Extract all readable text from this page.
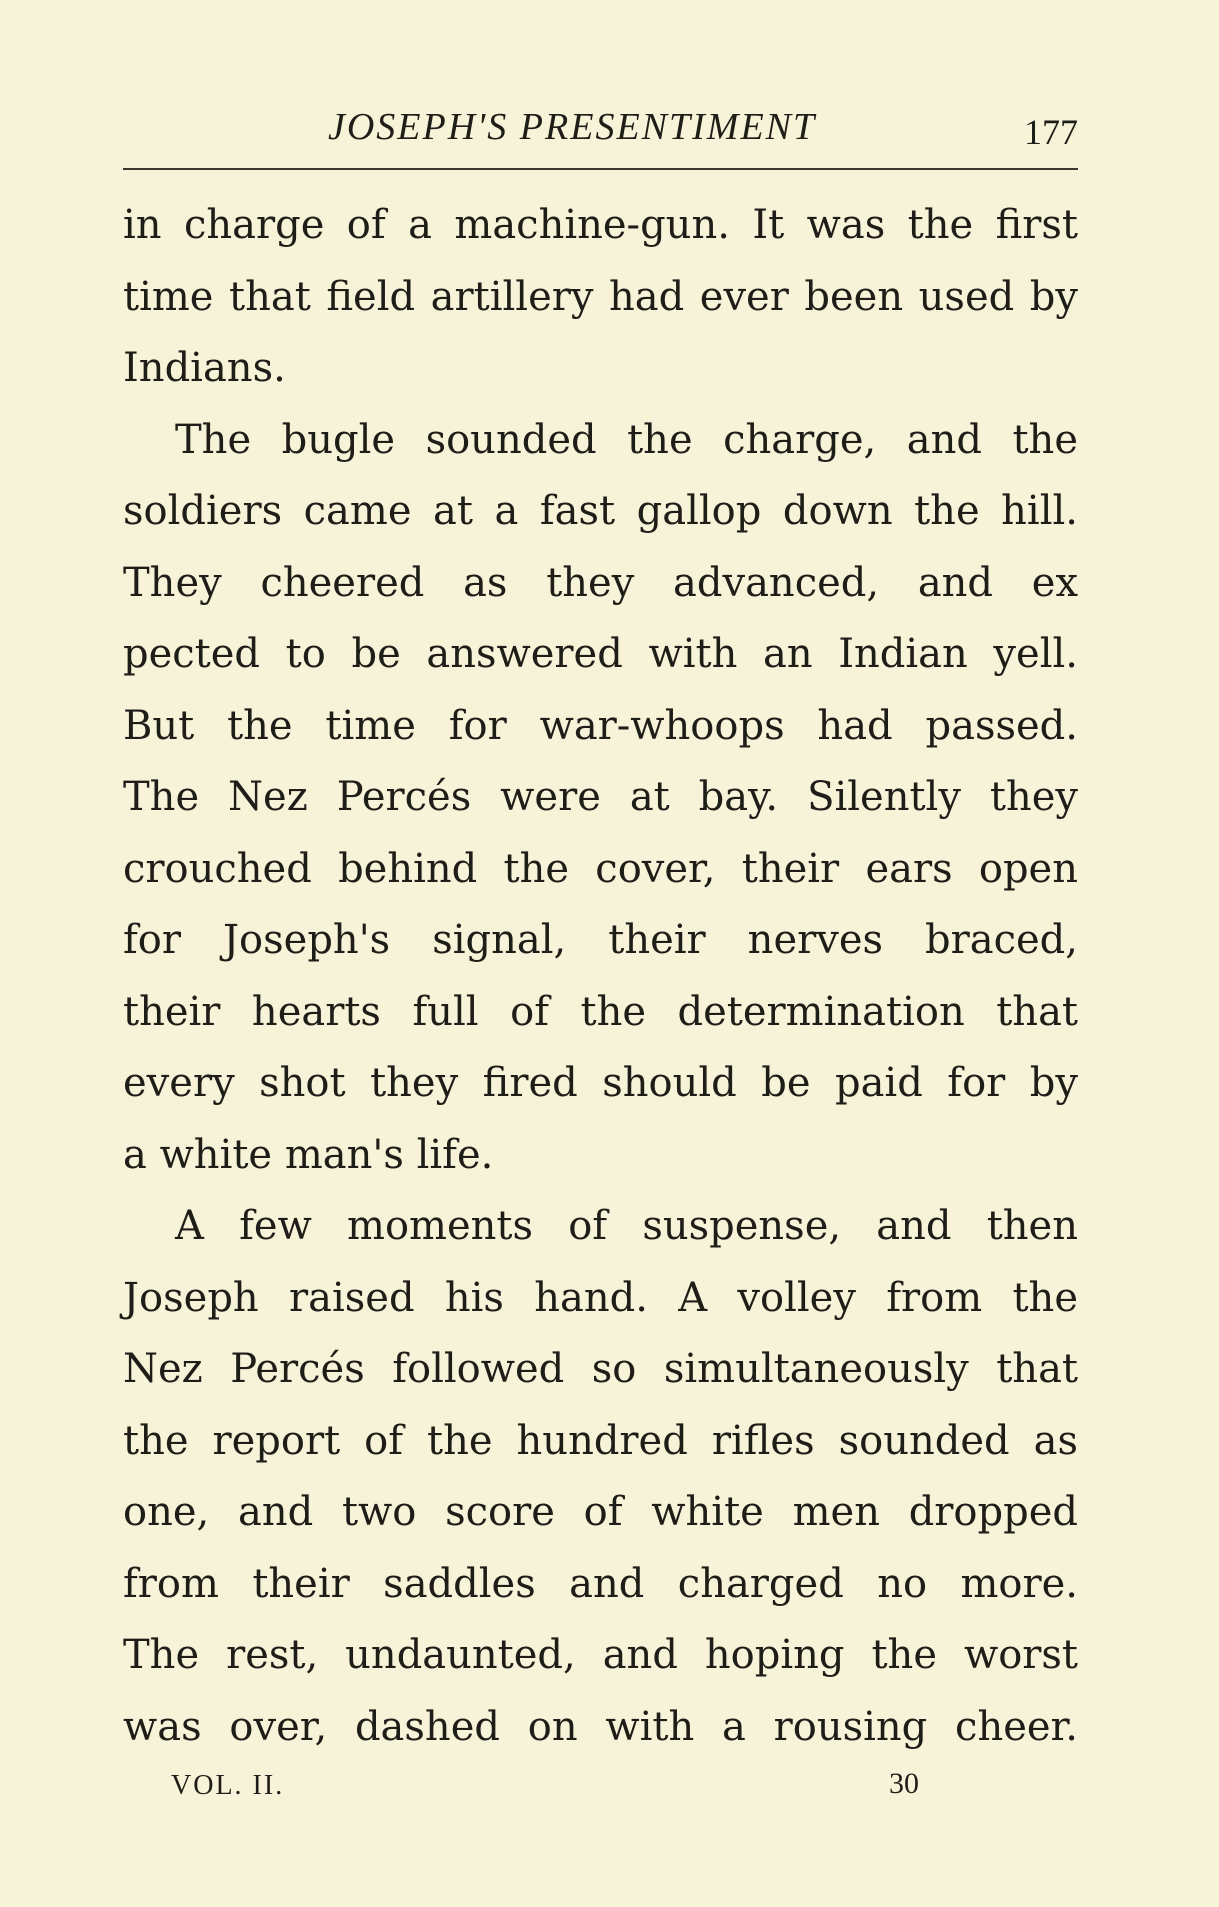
JOSEPH'S PRESENTIMENT	177
in charge of a machine-gun. It was the first
time that field artillery had ever been used by
Indians.
The bugle sounded the charge, and the
soldiers came at a fast gallop down the hill.
They cheered as they advanced, and ex
pected to be answered with an Indian yell.
But the time for war-whoops had passed.
The Nez Percés were at bay. Silently they
crouched behind the cover, their ears open
for Joseph's signal, their nerves braced,
their hearts full of the determination that
every shot they fired should be paid for by
a white man's life.
A few moments of suspense, and then
Joseph raised his hand. A volley from the
Nez Percés followed so simultaneously that
the report of the hundred rifles sounded as
one, and two score of white men dropped
from their saddles and charged no more.
The rest, undaunted, and hoping the worst
was over, dashed on with a rousing cheer.
VOL. II.	30
